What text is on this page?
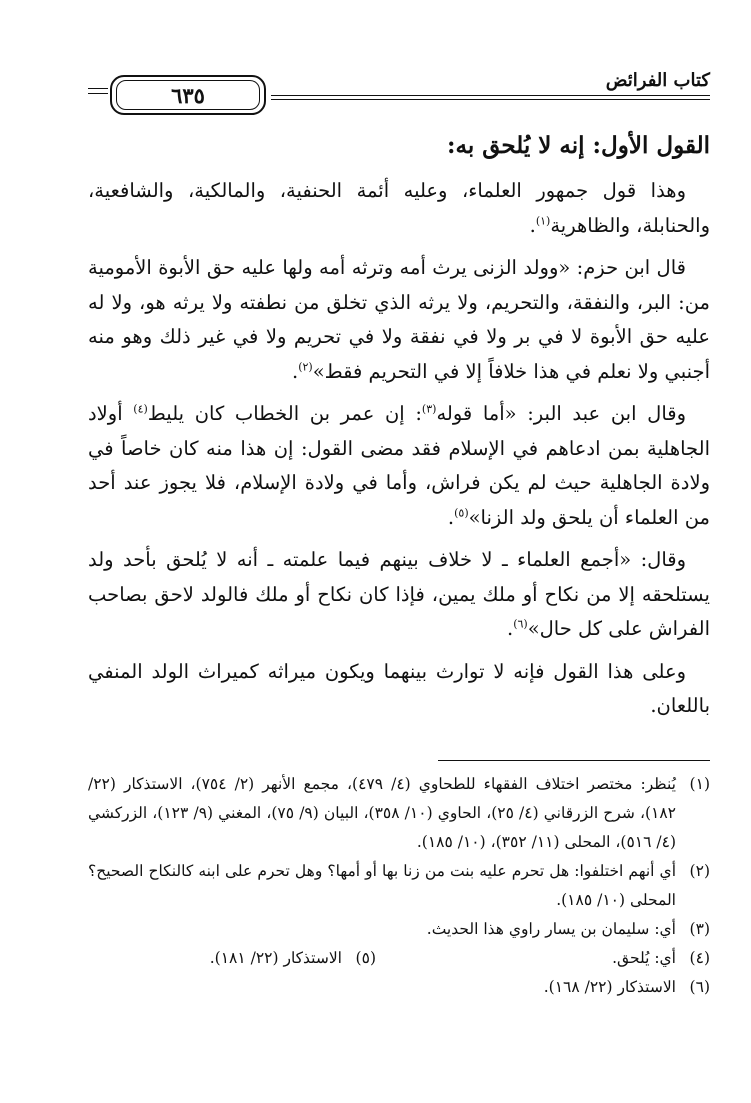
كتاب الفرائض
٦٣٥
القول الأول: إنه لا يُلحق به:

وهذا قول جمهور العلماء، وعليه أئمة الحنفية، والمالكية، والشافعية، والحنابلة، والظاهرية$^{(١)}$.

قال ابن حزم: «وولد الزنى يرث أمه وترثه أمه ولها عليه حق الأبوة الأمومية من: البر، والنفقة، والتحريم، ولا يرثه الذي تخلق من نطفته ولا يرثه هو، ولا له عليه حق الأبوة لا في بر ولا في نفقة ولا في تحريم ولا في غير ذلك وهو منه أجنبي ولا نعلم في هذا خلافاً إلا في التحريم فقط»$^{(٢)}$.

وقال ابن عبد البر: «أما قوله$^{(٣)}$: إن عمر بن الخطاب كان يليط$^{(٤)}$ أولاد الجاهلية بمن ادعاهم في الإسلام فقد مضى القول: إن هذا منه كان خاصاً في ولادة الجاهلية حيث لم يكن فراش، وأما في ولادة الإسلام، فلا يجوز عند أحد من العلماء أن يلحق ولد الزنا»$^{(٥)}$.

وقال: «أجمع العلماء ـ لا خلاف بينهم فيما علمته ـ أنه لا يُلحق بأحد ولد يستلحقه إلا من نكاح أو ملك يمين، فإذا كان نكاح أو ملك فالولد لاحق بصاحب الفراش على كل حال»$^{(٦)}$.

وعلى هذا القول فإنه لا توارث بينهما ويكون ميراثه كميراث الولد المنفي باللعان.

(١)
يُنظر: مختصر اختلاف الفقهاء للطحاوي (٤/ ٤٧٩)، مجمع الأنهر (٢/ ٧٥٤)، الاستذكار (٢٢/ ١٨٢)، شرح الزرقاني (٤/ ٢٥)، الحاوي (١٠/ ٣٥٨)، البيان (٩/ ٧٥)، المغني (٩/ ١٢٣)، الزركشي (٤/ ٥١٦)، المحلى (١١/ ٣٥٢)، (١٠/ ١٨٥).
(٢)
أي أنهم اختلفوا: هل تحرم عليه بنت من زنا بها أو أمها؟ وهل تحرم على ابنه كالنكاح الصحيح؟ المحلى (١٠/ ١٨٥).
(٣)
أي: سليمان بن يسار راوي هذا الحديث.
(٤)
أي: يُلحق.
(٥)
الاستذكار (٢٢/ ١٨١).
(٦)
الاستذكار (٢٢/ ١٦٨).
